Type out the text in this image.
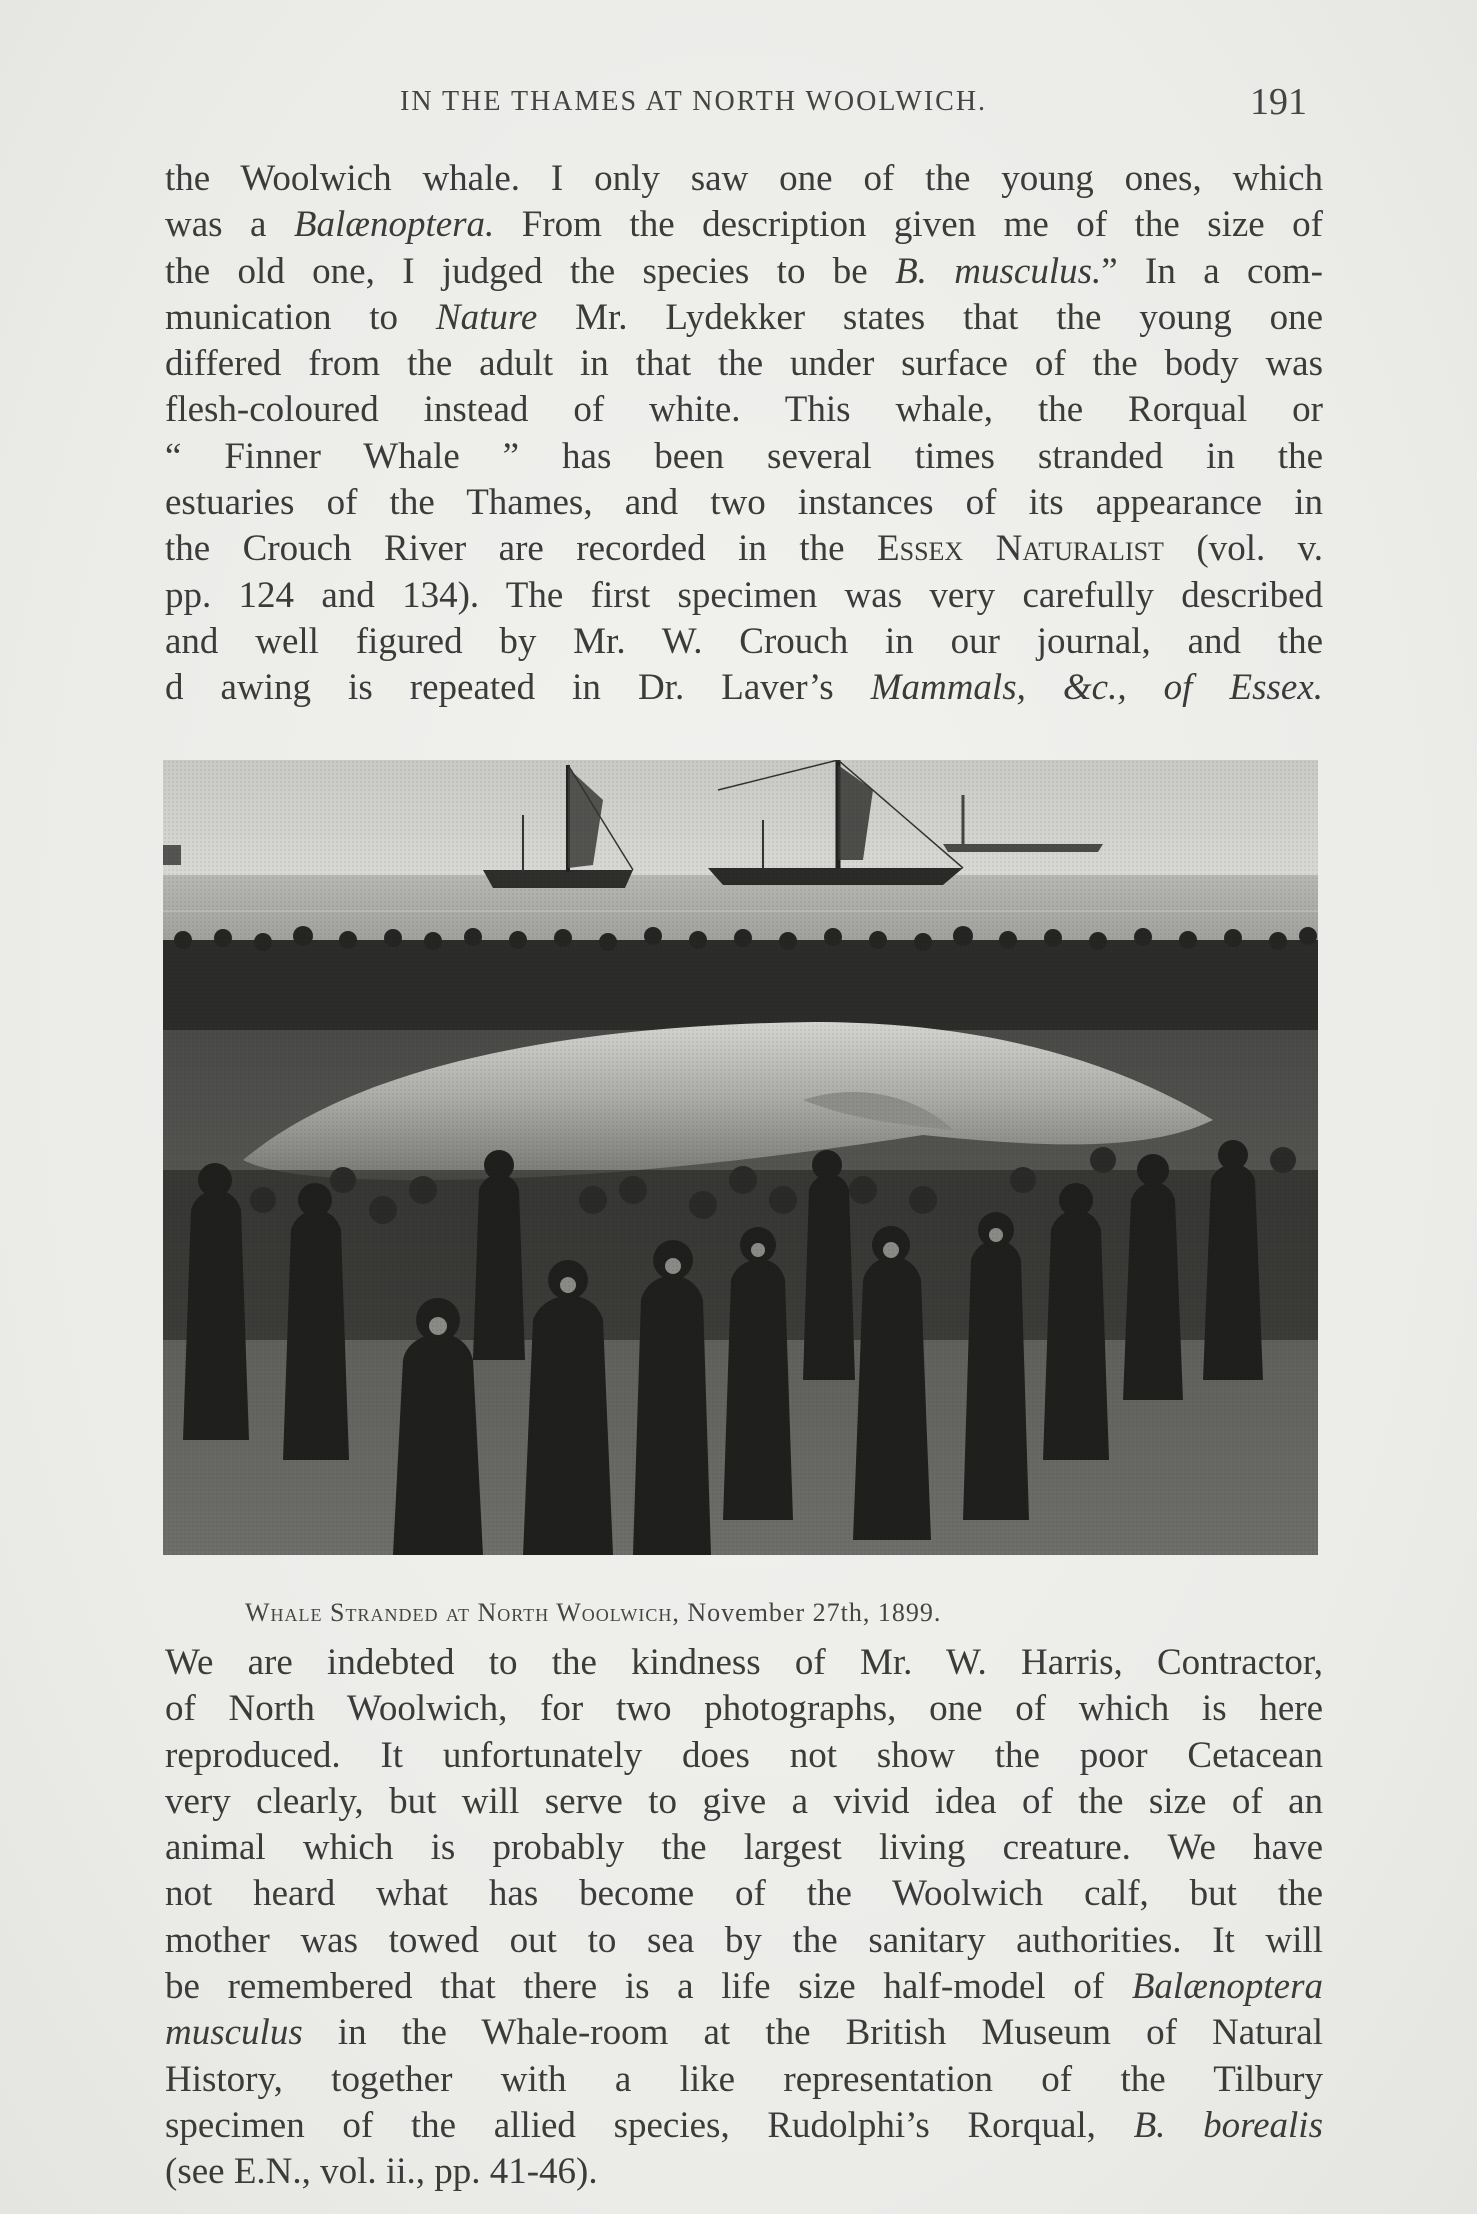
IN THE THAMES AT NORTH WOOLWICH.	191
the Woolwich whale. I only saw one of the young ones, which
was a Balænoptera. From the description given me of the size of
the old one, I judged the species to be B. musculus.” In a com-
munication to Nature Mr. Lydekker states that the young one
differed from the adult in that the under surface of the body was
flesh-coloured instead of white. This whale, the Rorqual or
“ Finner Whale ” has been several times stranded in the
estuaries of the Thames, and two instances of its appearance in
the Crouch River are recorded in the Essex Naturalist (vol. v.
pp. 124 and 134). The first specimen was very carefully described
and well figured by Mr. W. Crouch in our journal, and the
d awing is repeated in Dr. Laver’s Mammals, &c., of Essex.
Whale Stranded at North Woolwich, November 27th, 1899.
We are indebted to the kindness of Mr. W. Harris, Contractor,
of North Woolwich, for two photographs, one of which is here
reproduced. It unfortunately does not show the poor Cetacean
very clearly, but will serve to give a vivid idea of the size of an
animal which is probably the largest living creature. We have
not heard what has become of the Woolwich calf, but the
mother was towed out to sea by the sanitary authorities. It will
be remembered that there is a life size half-model of Balænoptera
musculus in the Whale-room at the British Museum of Natural
History, together with a like representation of the Tilbury
specimen of the allied species, Rudolphi’s Rorqual, B. borealis
(see E.N., vol. ii., pp. 41-46).
